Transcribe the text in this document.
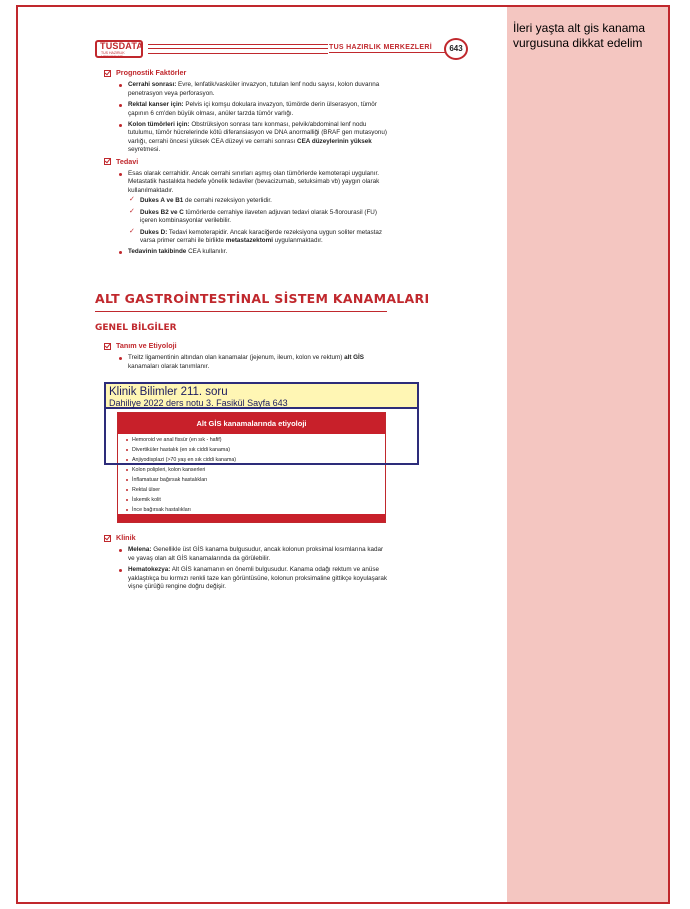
İleri yaşta alt gis kanama vurgusuna dikkat edelim
TUSDATA
TUS HAZIRLIK MERKEZLERİ
TUS HAZIRLIK MERKEZLERİ	643
Prognostik Faktörler
Cerrahi sonrası: Evre, lenfatik/vasküler invazyon, tutulan lenf nodu sayısı, kolon duvarına penetrasyon veya perforasyon.
Rektal kanser için: Pelvis içi komşu dokulara invazyon, tümörde derin ülserasyon, tümör çapının 6 cm'den büyük olması, anüler tarzda tümör varlığı.
Kolon tümörleri için: Obstrüksiyon sonrası tanı konması, pelvik/abdominal lenf nodu tutulumu, tümör hücrelerinde kötü diferansiasyon ve DNA anormalliği (BRAF gen mutasyonu) varlığı, cerrahi öncesi yüksek CEA düzeyi ve cerrahi sonrası CEA düzeylerinin yüksek seyretmesi.
Tedavi
Esas olarak cerrahidir. Ancak cerrahi sınırları aşmış olan tümörlerde kemoterapi uygulanır. Metastatik hastalıkta hedefe yönelik tedaviler (bevacizumab, setuksimab vb) yaygın olarak kullanılmaktadır.
✓ Dukes A ve B1 de cerrahi rezeksiyon yeterlidir.
✓ Dukes B2 ve C tümörlerde cerrahiye ilaveten adjuvan tedavi olarak 5-florourasil (FU) içeren kombinasyonlar verilebilir.
✓ Dukes D: Tedavi kemoterapidir. Ancak karaciğerde rezeksiyona uygun soliter metastaz varsa primer cerrahi ile birlikte metastazektomi uygulanmaktadır.
Tedavinin takibinde CEA kullanılır.
ALT GASTROİNTESTİNAL SİSTEM KANAMALARI
GENEL BİLGİLER
Tanım ve Etiyoloji
Treitz ligamentinin altından olan kanamalar (jejenum, ileum, kolon ve rektum) alt GİS kanamaları olarak tanımlanır.
Alt GİS kanamalarında etiyoloji
Hemoroid ve anal fissür (en sık - hafif)
Divertiküler hastalık (en sık ciddi kanama)
Anjiyodisplazi (>70 yaş en sık ciddi kanama)
Kolon polipleri, kolon kanserleri
İnflamatuar bağırsak hastalıkları
Rektal ülser
İskemik kolit
İnce bağırsak hastalıkları
Klinik Bilimler 211. soru
Dahiliye 2022 ders notu 3. Fasikül Sayfa 643
Klinik
Melena: Genellikle üst GİS kanama bulgusudur, ancak kolonun proksimal kısımlarına kadar ve yavaş olan alt GİS kanamalarında da görülebilir.
Hematokezya: Alt GİS kanamanın en önemli bulgusudur. Kanama odağı rektum ve anüse yaklaştıkça bu kırmızı renkli taze kan görüntüsüne, kolonun proksimaline gittikçe koyulaşarak vişne çürüğü rengine doğru değişir.
